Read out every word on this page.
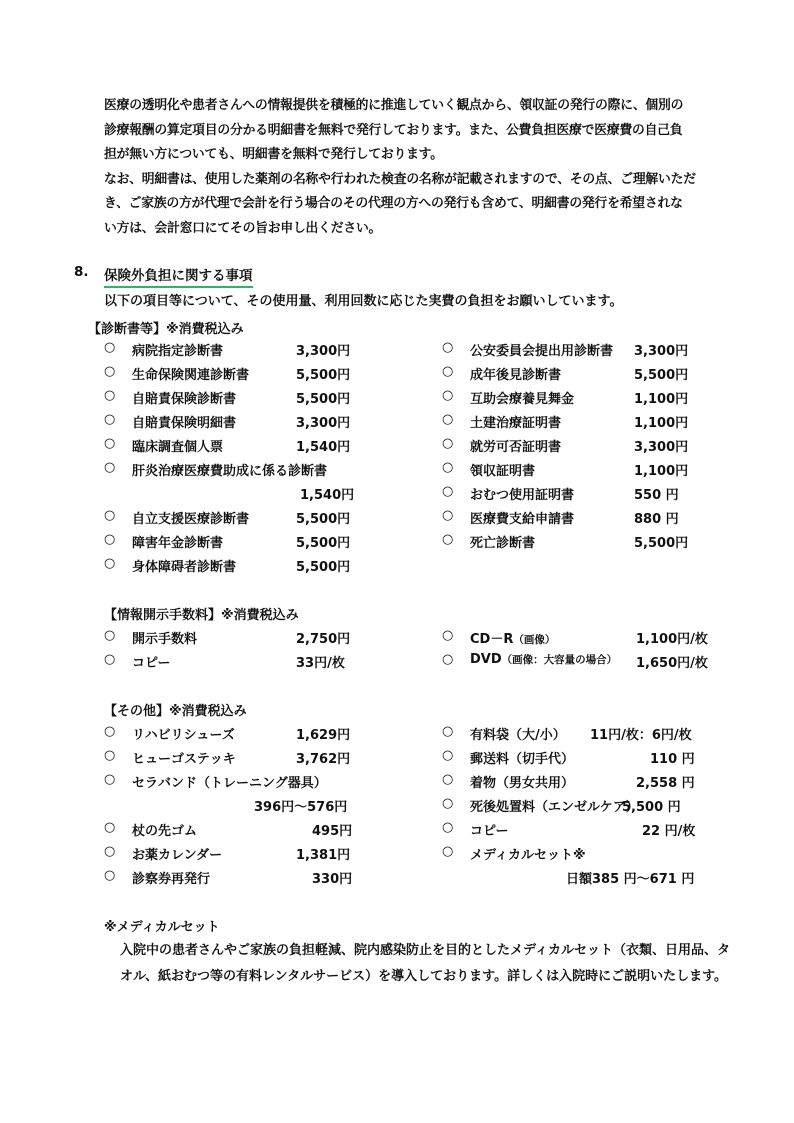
医療の透明化や患者さんへの情報提供を積極的に推進していく観点から、領収証の発行の際に、個別の
診療報酬の算定項目の分かる明細書を無料で発行しております。また、公費負担医療で医療費の自己負
担が無い方についても、明細書を無料で発行しております。
なお、明細書は、使用した薬剤の名称や行われた検査の名称が記載されますので、その点、ご理解いただ
き、ご家族の方が代理で会計を行う場合のその代理の方への発行も含めて、明細書の発行を希望されな
い方は、会計窓口にてその旨お申し出ください。
8. 保険外負担に関する事項
以下の項目等について、その使用量、利用回数に応じた実費の負担をお願いしています。
【診断書等】※消費税込み
○	病院指定診断書	3,300円
○	生命保険関連診断書	5,500円
○	自賠責保険診断書	5,500円
○	自賠責保険明細書	3,300円
○	臨床調査個人票	1,540円
○	肝炎治療医療費助成に係る診断書
1,540円
○	自立支援医療診断書	5,500円
○	障害年金診断書	5,500円
○	身体障碍者診断書	5,500円
○	公安委員会提出用診断書 3,300円
○	成年後見診断書	5,500円
○	互助会療養見舞金	1,100円
○	土建治療証明書	1,100円
○	就労可否証明書	3,300円
○	領収証明書	1,100円
○	おむつ使用証明書	550 円
○	医療費支給申請書	880 円
○	死亡診断書	5,500円
【情報開示手数料】※消費税込み
○	開示手数料	2,750円
○	コピー	33円/枚
○	CD－R（画像）	1,100円/枚
○	DVD（画像：大容量の場合） 1,650円/枚
【その他】※消費税込み
○	リハビリシューズ	1,629円
○	ヒューゴステッキ	3,762円
○	セラバンド（トレーニング器具）
396円～576円
○	杖の先ゴム	495円
○	お薬カレンダー	1,381円
○	診察券再発行	330円
○	有料袋（大/小） 11円/枚：6円/枚
○	郵送料（切手代）	110 円
○	着物（男女共用）	2,558 円
○	死後処置料（エンゼルケア）
5,500 円
○	コピー	22 円/枚
○	メディカルセット※
日額385 円～671 円
※メディカルセット
入院中の患者さんやご家族の負担軽減、院内感染防止を目的としたメディカルセット（衣類、日用品、タ
オル、紙おむつ等の有料レンタルサービス）を導入しております。詳しくは入院時にご説明いたします。
